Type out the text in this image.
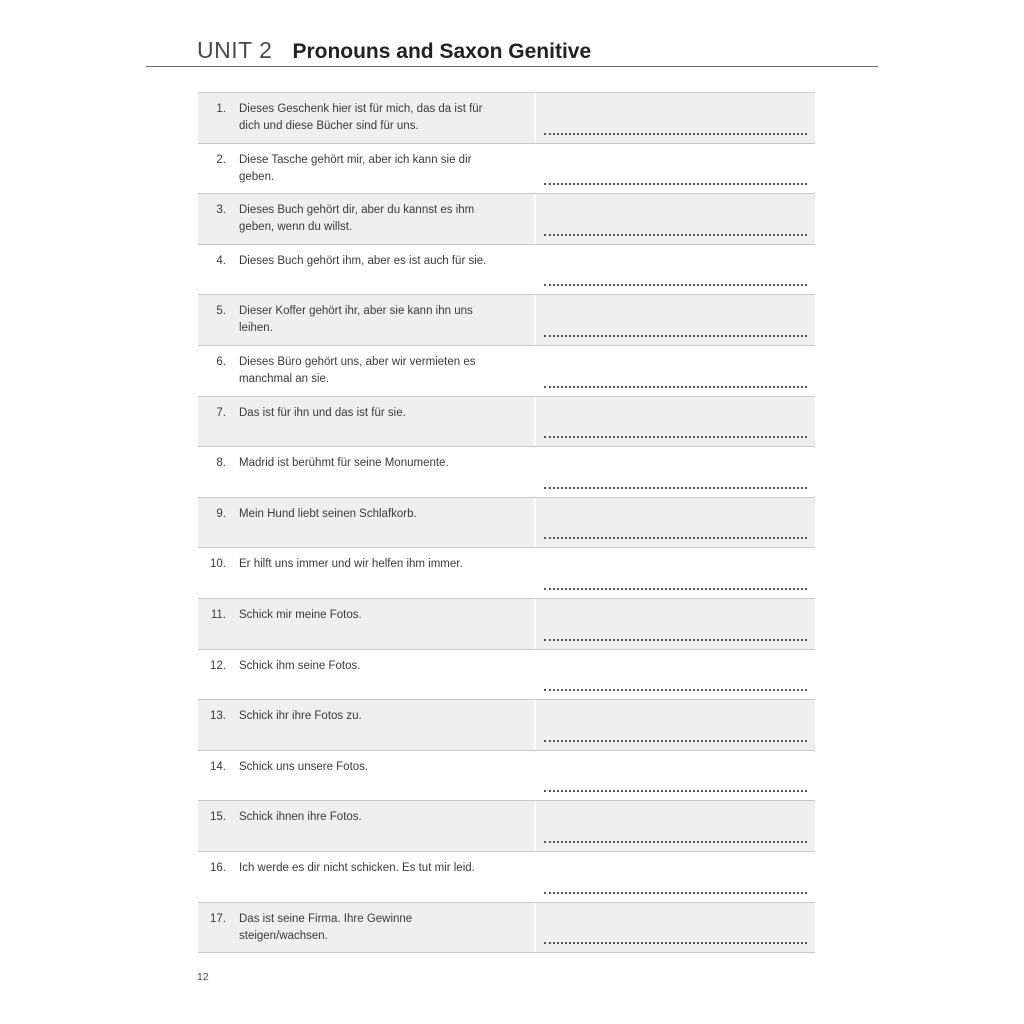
UNIT 2 Pronouns and Saxon Genitive
1. Dieses Geschenk hier ist für mich, das da ist für dich und diese Bücher sind für uns.
2. Diese Tasche gehört mir, aber ich kann sie dir geben.
3. Dieses Buch gehört dir, aber du kannst es ihm geben, wenn du willst.
4. Dieses Buch gehört ihm, aber es ist auch für sie.
5. Dieser Koffer gehört ihr, aber sie kann ihn uns leihen.
6. Dieses Büro gehört uns, aber wir vermieten es manchmal an sie.
7. Das ist für ihn und das ist für sie.
8. Madrid ist berühmt für seine Monumente.
9. Mein Hund liebt seinen Schlafkorb.
10. Er hilft uns immer und wir helfen ihm immer.
11. Schick mir meine Fotos.
12. Schick ihm seine Fotos.
13. Schick ihr ihre Fotos zu.
14. Schick uns unsere Fotos.
15. Schick ihnen ihre Fotos.
16. Ich werde es dir nicht schicken. Es tut mir leid.
17. Das ist seine Firma. Ihre Gewinne steigen/wachsen.
12
